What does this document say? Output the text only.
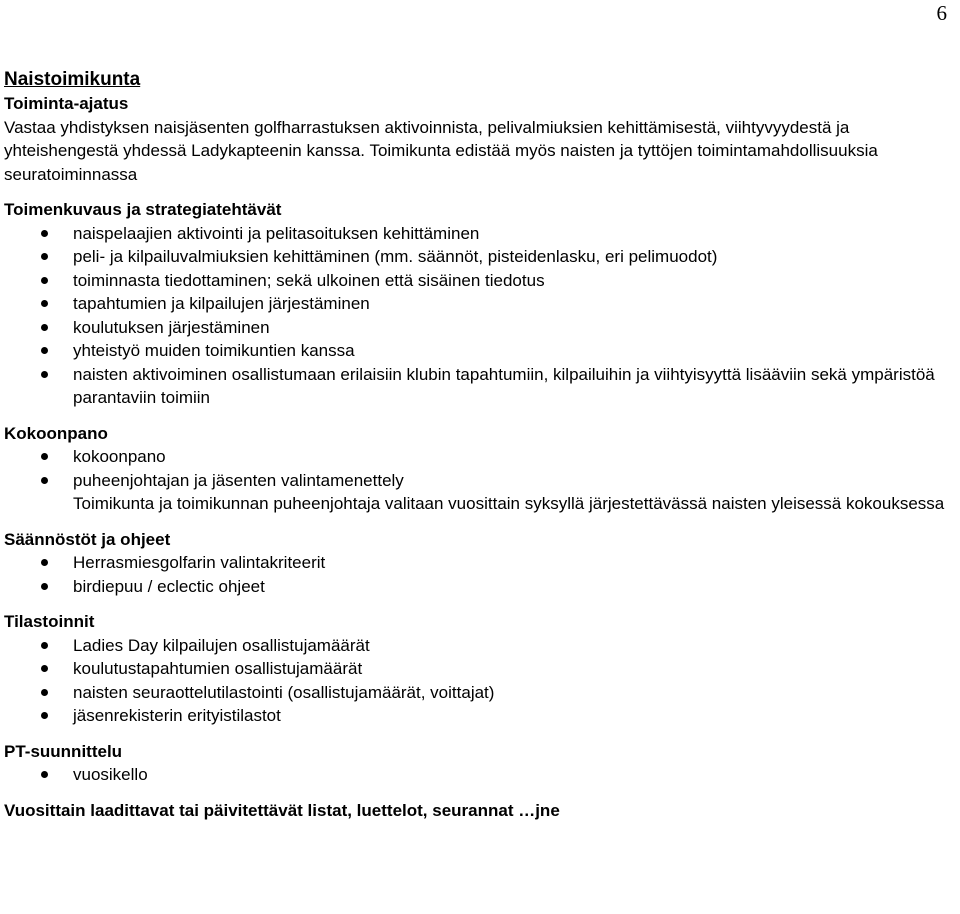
6
Naistoimikunta
Toiminta-ajatus

Vastaa yhdistyksen naisjäsenten golfharrastuksen aktivoinnista, pelivalmiuksien kehittämisestä, viihtyvyydestä ja yhteishengestä yhdessä Ladykapteenin kanssa. Toimikunta edistää myös naisten ja tyttöjen toimintamahdollisuuksia seuratoiminnassa

Toimenkuvaus ja strategiatehtävät
naispelaajien aktivointi ja pelitasoituksen kehittäminen
peli- ja kilpailuvalmiuksien kehittäminen (mm. säännöt, pisteidenlasku, eri pelimuodot)
toiminnasta tiedottaminen; sekä ulkoinen että sisäinen tiedotus
tapahtumien ja kilpailujen järjestäminen
koulutuksen järjestäminen
yhteistyö muiden toimikuntien kanssa
naisten aktivoiminen osallistumaan erilaisiin klubin tapahtumiin, kilpailuihin ja viihtyisyyttä lisääviin sekä ympäristöä parantaviin toimiin
Kokoonpano
kokoonpano
puheenjohtajan ja jäsenten valintamenettely

Toimikunta ja toimikunnan puheenjohtaja valitaan vuosittain syksyllä järjestettävässä naisten yleisessä kokouksessa

Säännöstöt ja ohjeet
Herrasmiesgolfarin valintakriteerit
birdiepuu / eclectic ohjeet
Tilastoinnit
Ladies Day kilpailujen osallistujamäärät
koulutustapahtumien osallistujamäärät
naisten seuraottelutilastointi (osallistujamäärät, voittajat)
jäsenrekisterin erityistilastot
PT-suunnittelu
vuosikello
Vuosittain laadittavat tai päivitettävät listat, luettelot, seurannat …jne
